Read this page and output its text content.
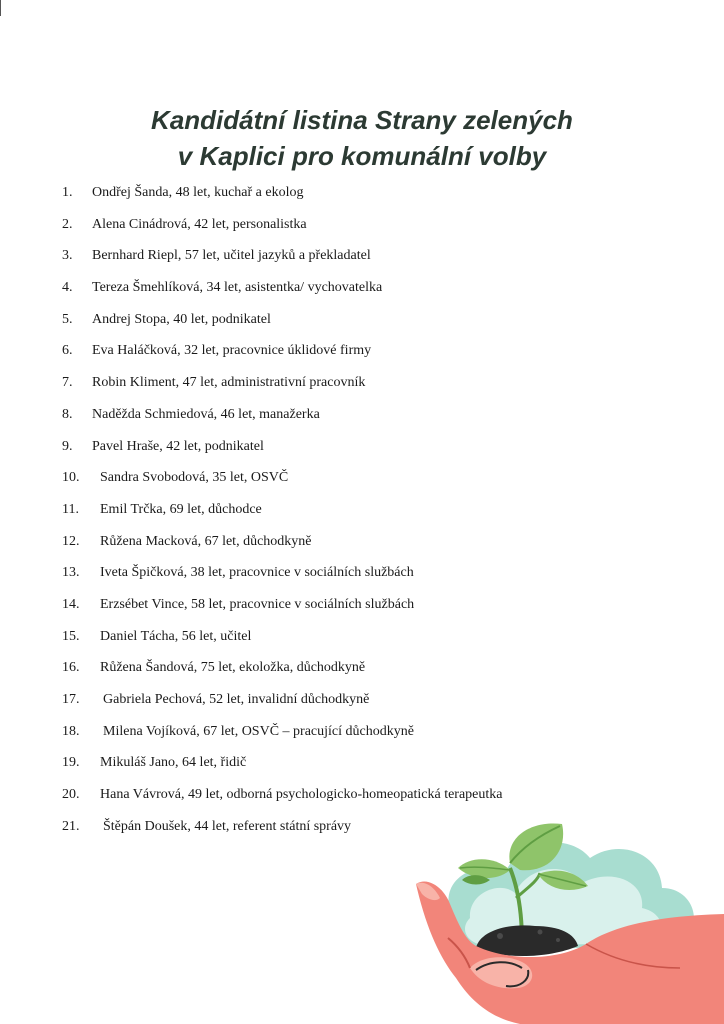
Kandidátní listina Strany zelených
v Kaplici pro komunální volby
1.	Ondřej Šanda, 48 let, kuchař a ekolog
2.	Alena Cinádrová, 42 let, personalistka
3.	Bernhard Riepl, 57 let, učitel jazyků a překladatel
4.	Tereza Šmehlíková, 34 let, asistentka/ vychovatelka
5.	Andrej Stopa, 40 let, podnikatel
6.	Eva Haláčková, 32 let, pracovnice úklidové firmy
7.	Robin Kliment, 47 let, administrativní pracovník
8.	Naděžda Schmiedová, 46 let, manažerka
9.	Pavel Hraše, 42 let, podnikatel
10.	Sandra Svobodová, 35 let, OSVČ
11.	Emil Trčka, 69 let, důchodce
12.	Růžena Macková, 67 let, důchodkyně
13.	Iveta Špičková, 38 let, pracovnice v sociálních službách
14.	Erzsébet Vince, 58 let, pracovnice v sociálních službách
15.	Daniel Tácha, 56 let, učitel
16.	Růžena Šandová, 75 let, ekoložka, důchodkyně
17.	Gabriela Pechová, 52 let, invalidní důchodkyně
18.	Milena Vojíková, 67 let, OSVČ – pracující důchodkyně
19.	Mikuláš Jano, 64 let, řidič
20.	Hana Vávrová, 49 let, odborná psychologicko-homeopatická terapeutka
21.	Štěpán Doušek, 44 let, referent státní správy
